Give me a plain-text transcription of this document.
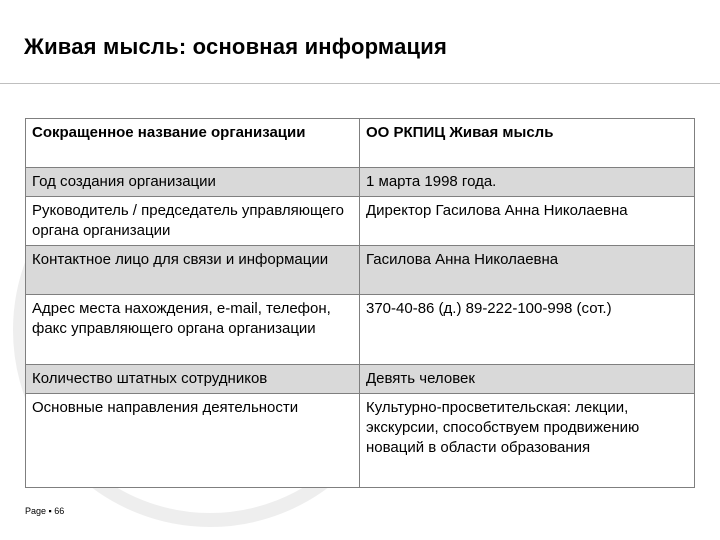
Живая мысль: основная информация
Сокращенное название организации	ОО РКПИЦ Живая мысль
Год создания организации	1 марта 1998 года.
Руководитель / председатель управляющего органа организации	Директор Гасилова Анна Николаевна
Контактное лицо для связи и информации	Гасилова Анна Николаевна
Адрес места нахождения, e-mail, телефон, факс управляющего органа организации	370-40-86 (д.) 89-222-100-998 (сот.)
Количество штатных сотрудников	Девять человек
Основные направления деятельности	Культурно-просветительская: лекции, экскурсии, способствуем продвижению новаций в области образования
Page ▪ 66
